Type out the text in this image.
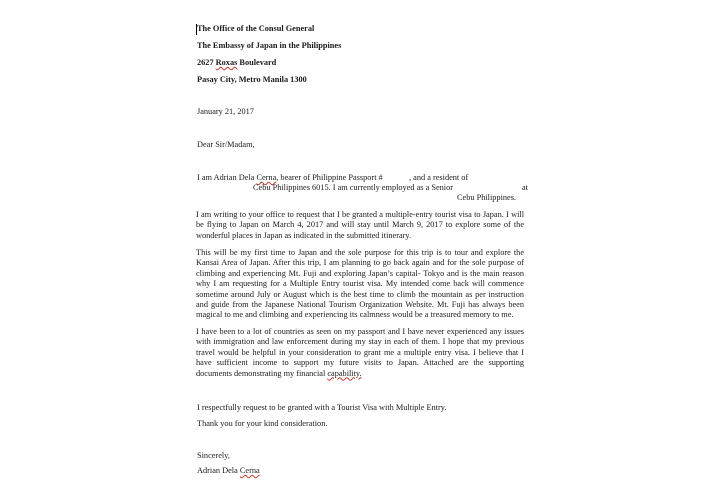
The Office of the Consul General
The Embassy of Japan in the Philippines
2627 Roxas Boulevard
Pasay City, Metro Manila 1300
January 21, 2017
Dear Sir/Madam,
I am Adrian Dela Cerna, bearer of Philippine Passport #	, and a resident of
Cebu Philippines 6015. I am currently employed as a Senior	at
Cebu Philippines.
I am writing to your office to request that I be granted a multiple-entry tourist visa to Japan. I will be flying to Japan on March 4, 2017 and will stay until March 9, 2017 to explore some of the wonderful places in Japan as indicated in the submitted itinerary.
This will be my first time to Japan and the sole purpose for this trip is to tour and explore the Kansai Area of Japan. After this trip, I am planning to go back again and for the sole purpose of climbing and experiencing Mt. Fuji and exploring Japan’s capital- Tokyo and is the main reason why I am requesting for a Multiple Entry tourist visa. My intended come back will commence sometime around July or August which is the best time to climb the mountain as per instruction and guide from the Japanese National Tourism Organization Website. Mt. Fuji has always been magical to me and climbing and experiencing its calmness would be a treasured memory to me.
I have been to a lot of countries as seen on my passport and I have never experienced any issues with immigration and law enforcement during my stay in each of them. I hope that my previous travel would be helpful in your consideration to grant me a multiple entry visa. I believe that I have sufficient income to support my future visits to Japan. Attached are the supporting documents demonstrating my financial capability.
I respectfully request to be granted with a Tourist Visa with Multiple Entry.
Thank you for your kind consideration.
Sincerely,
Adrian Dela Cerna
